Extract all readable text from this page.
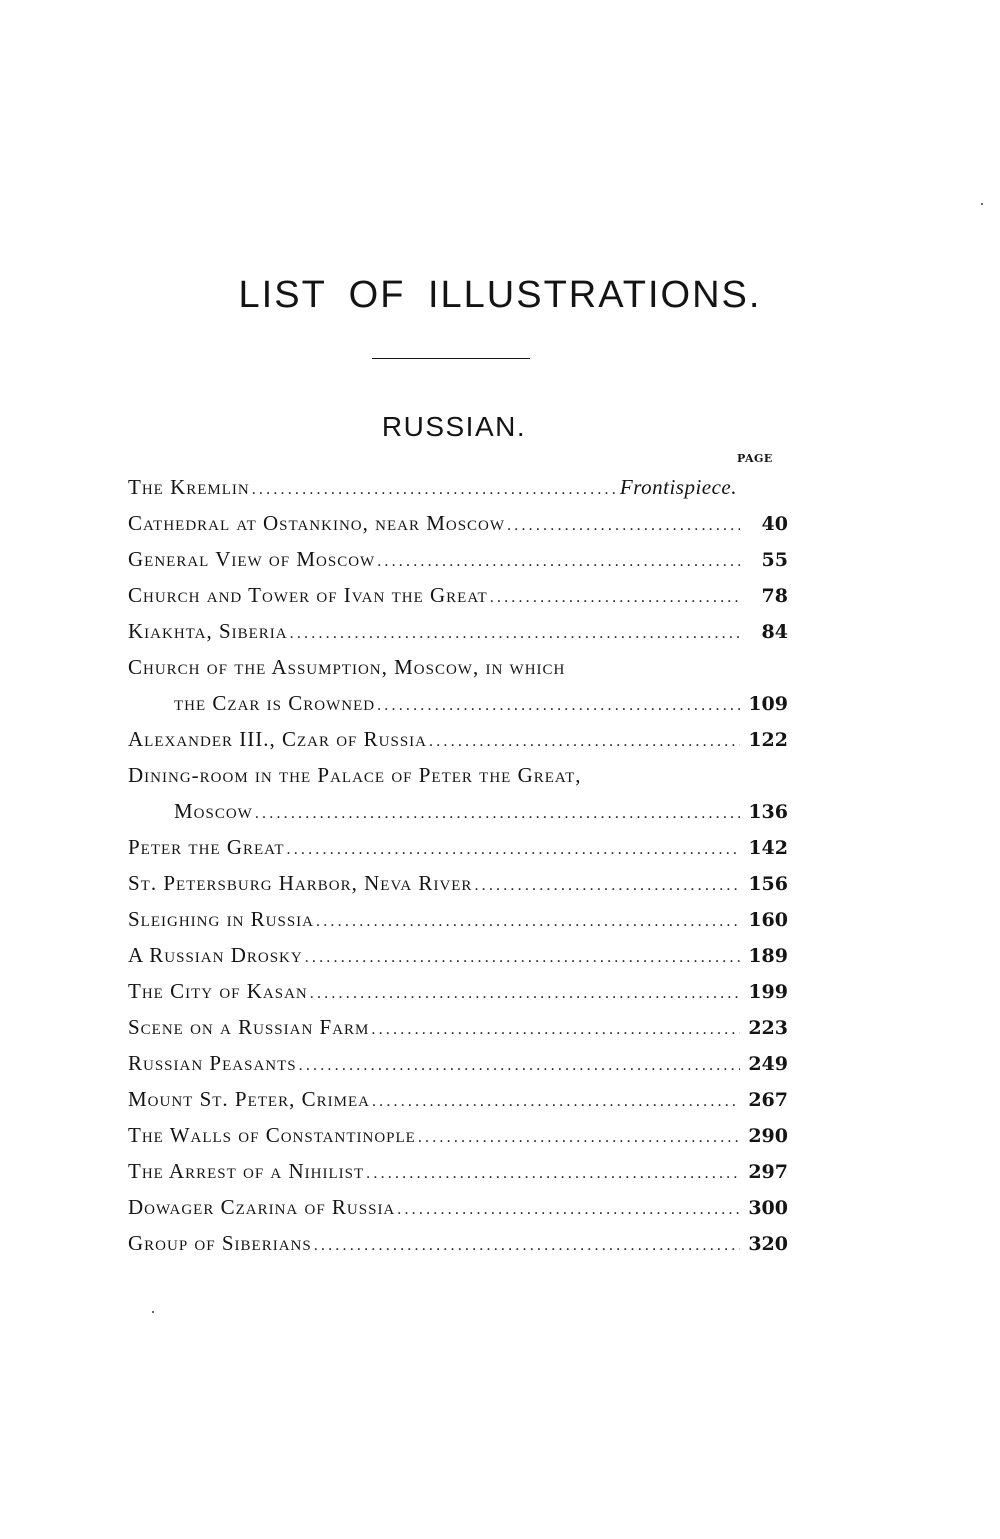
LIST OF ILLUSTRATIONS.
RUSSIAN.
PAGE
The Kremlin .....	Frontispiece.
Cathedral at Ostankino, near Moscow .....	40
General View of Moscow .....	55
Church and Tower of Ivan the Great .....	78
Kiakhta, Siberia .....	84
Church of the Assumption, Moscow, in which
the Czar is Crowned .....	109
Alexander III., Czar of Russia .....	122
Dining-room in the Palace of Peter the Great,
Moscow .....	136
Peter the Great .....	142
St. Petersburg Harbor, Neva River .....	156
Sleighing in Russia .....	160
A Russian Drosky .....	189
The City of Kasan .....	199
Scene on a Russian Farm .....	223
Russian Peasants .....	249
Mount St. Peter, Crimea .....	267
The Walls of Constantinople .....	290
The Arrest of a Nihilist .....	297
Dowager Czarina of Russia .....	300
Group of Siberians .....	320
